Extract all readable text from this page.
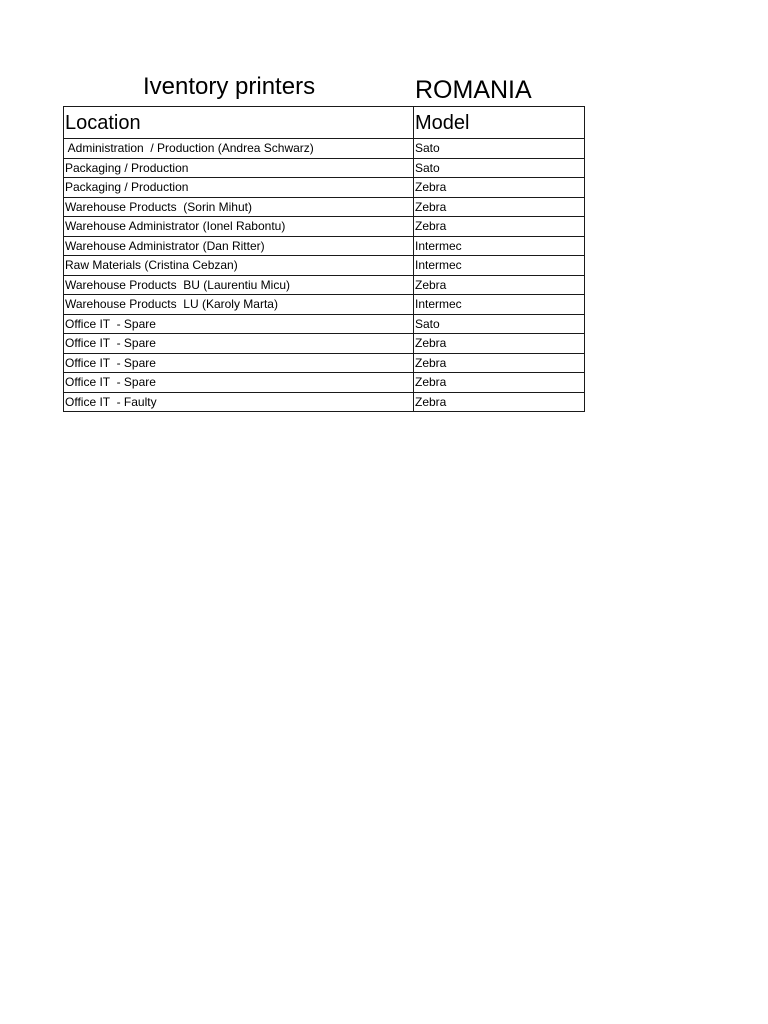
Iventory printers	ROMANIA
Location	Model
Administration  / Production (Andrea Schwarz)	Sato
Packaging / Production	Sato
Packaging / Production	Zebra
Warehouse Products  (Sorin Mihut)	Zebra
Warehouse Administrator (Ionel Rabontu)	Zebra
Warehouse Administrator (Dan Ritter)	Intermec
Raw Materials (Cristina Cebzan)	Intermec
Warehouse Products  BU (Laurentiu Micu)	Zebra
Warehouse Products  LU (Karoly Marta)	Intermec
Office IT  - Spare	Sato
Office IT  - Spare	Zebra
Office IT  - Spare	Zebra
Office IT  - Spare	Zebra
Office IT  - Faulty	Zebra
